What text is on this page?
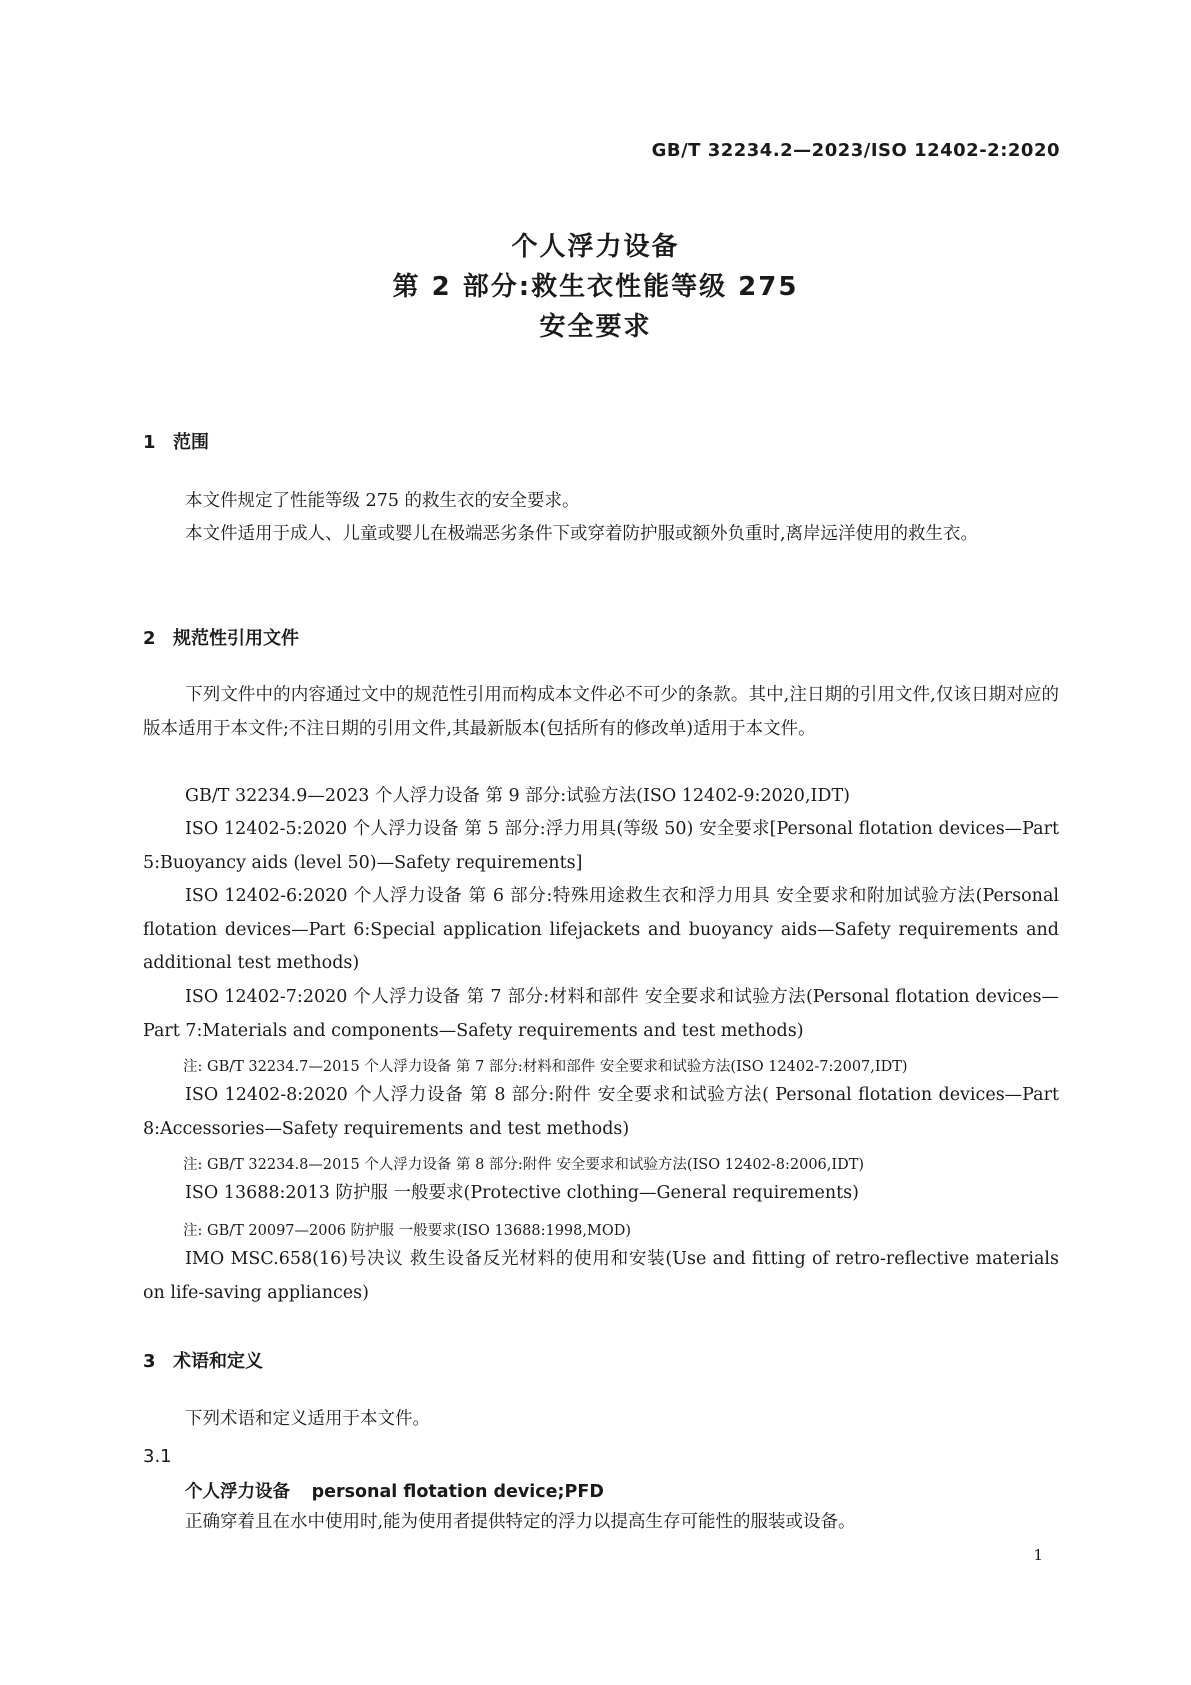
GB/T 32234.2—2023/ISO 12402-2:2020
个人浮力设备
第 2 部分:救生衣性能等级 275
安全要求
1 范围
本文件规定了性能等级 275 的救生衣的安全要求。
本文件适用于成人、儿童或婴儿在极端恶劣条件下或穿着防护服或额外负重时,离岸远洋使用的救生衣。
2 规范性引用文件
下列文件中的内容通过文中的规范性引用而构成本文件必不可少的条款。其中,注日期的引用文件,仅该日期对应的版本适用于本文件;不注日期的引用文件,其最新版本(包括所有的修改单)适用于本文件。
GB/T 32234.9—2023 个人浮力设备 第 9 部分:试验方法(ISO 12402-9:2020,IDT)
ISO 12402-5:2020 个人浮力设备 第 5 部分:浮力用具(等级 50) 安全要求[Personal flotation devices—Part 5:Buoyancy aids (level 50)—Safety requirements]
ISO 12402-6:2020 个人浮力设备 第 6 部分:特殊用途救生衣和浮力用具 安全要求和附加试验方法(Personal flotation devices—Part 6:Special application lifejackets and buoyancy aids—Safety requirements and additional test methods)
ISO 12402-7:2020 个人浮力设备 第 7 部分:材料和部件 安全要求和试验方法(Personal flotation devices—Part 7:Materials and components—Safety requirements and test methods)
注: GB/T 32234.7—2015 个人浮力设备 第 7 部分:材料和部件 安全要求和试验方法(ISO 12402-7:2007,IDT)
ISO 12402-8:2020 个人浮力设备 第 8 部分:附件 安全要求和试验方法( Personal flotation devices—Part 8:Accessories—Safety requirements and test methods)
注: GB/T 32234.8—2015 个人浮力设备 第 8 部分:附件 安全要求和试验方法(ISO 12402-8:2006,IDT)
ISO 13688:2013 防护服 一般要求(Protective clothing—General requirements)
注: GB/T 20097—2006 防护服 一般要求(ISO 13688:1998,MOD)
IMO MSC.658(16)号决议 救生设备反光材料的使用和安装(Use and fitting of retro-reflective materials on life-saving appliances)
3 术语和定义
下列术语和定义适用于本文件。
3.1
个人浮力设备 personal flotation device;PFD
正确穿着且在水中使用时,能为使用者提供特定的浮力以提高生存可能性的服装或设备。
1
